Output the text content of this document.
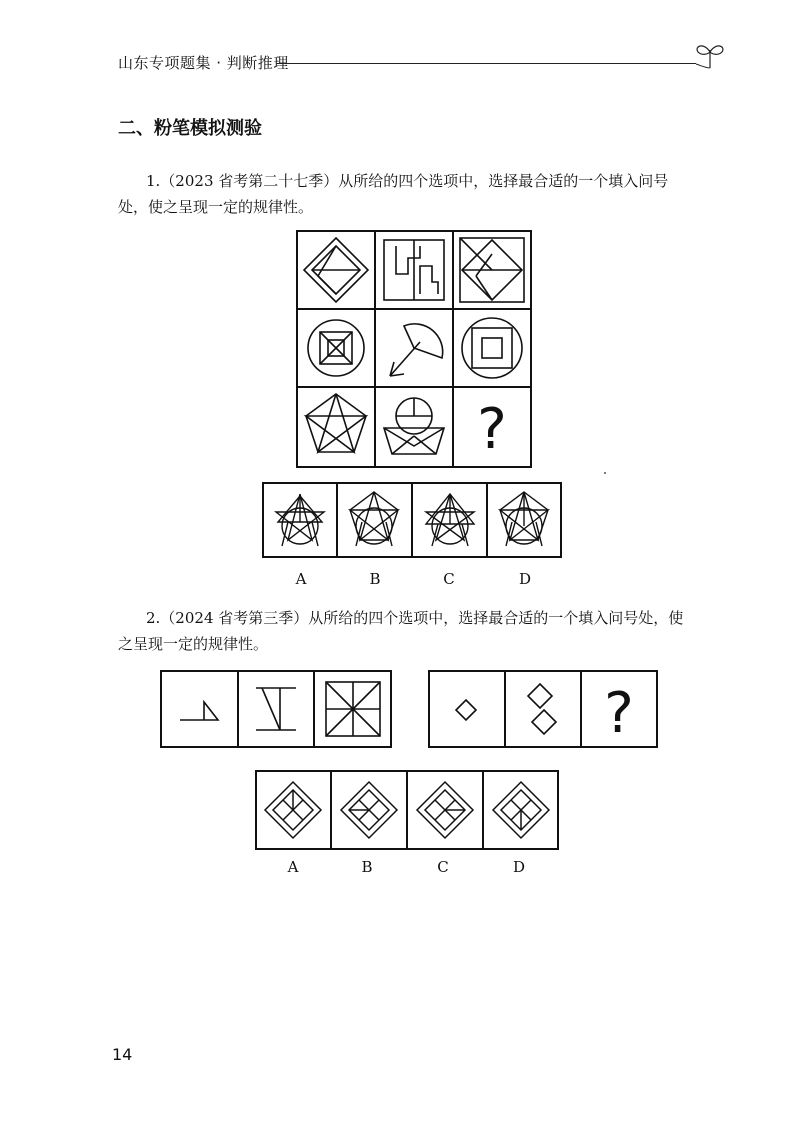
山东专项题集 · 判断推理
二、粉笔模拟测验
1.（2023 省考第二十七季）从所给的四个选项中，选择最合适的一个填入问号
处，使之呈现一定的规律性。
?
A	B	C	D
2.（2024 省考第三季）从所给的四个选项中，选择最合适的一个填入问号处，使
之呈现一定的规律性。
?
A	B	C	D
14
